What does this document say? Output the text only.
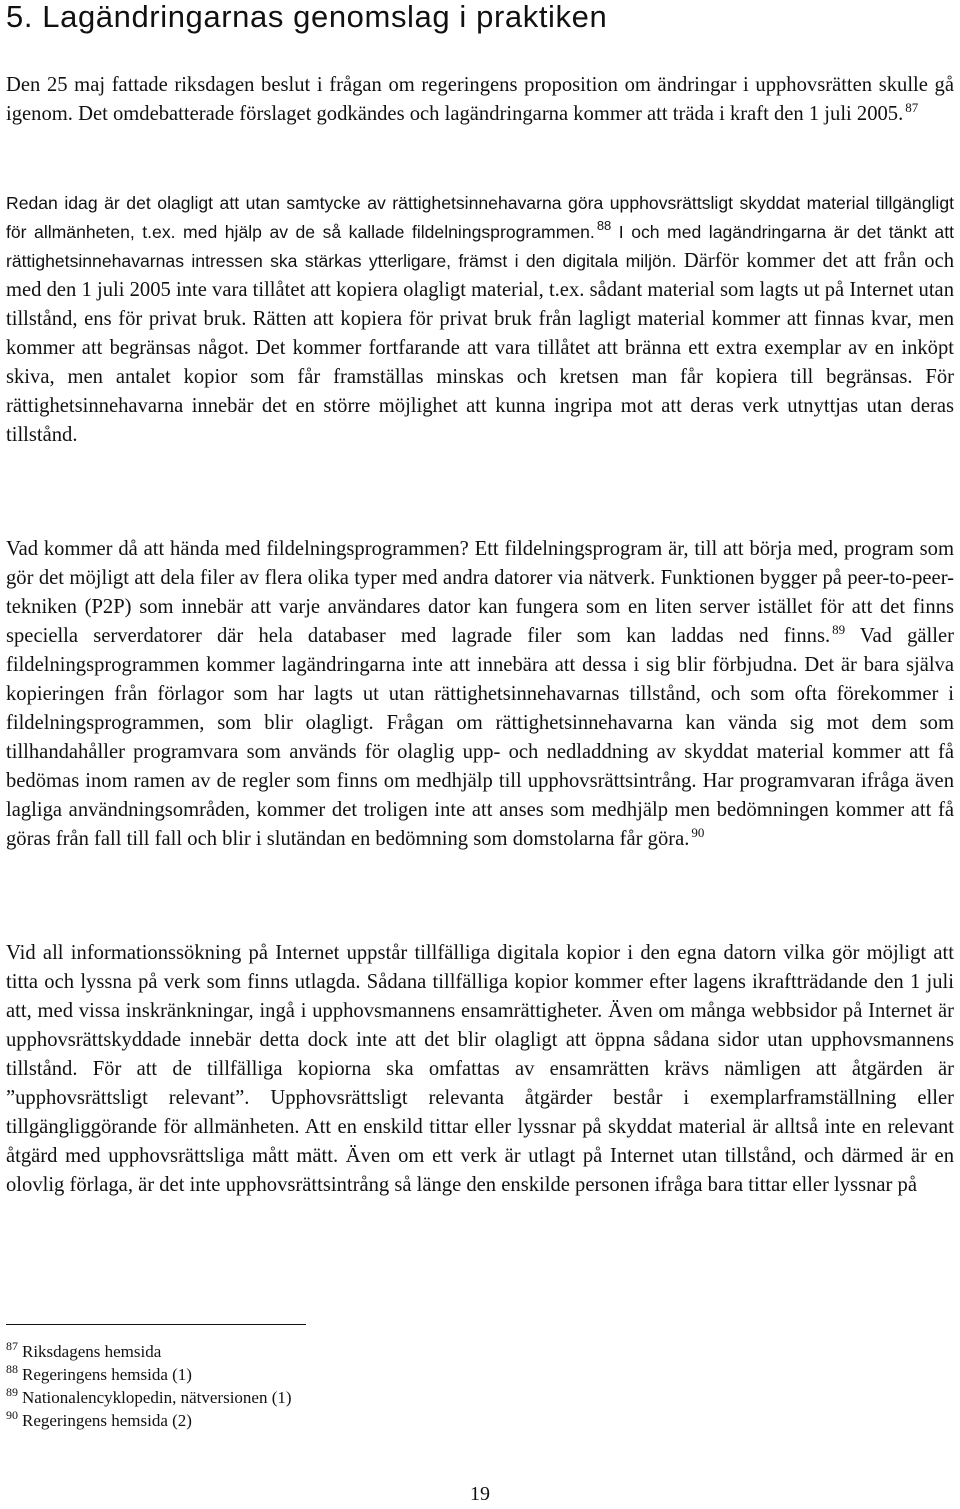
5. Lagändringarnas genomslag i praktiken

Den 25 maj fattade riksdagen beslut i frågan om regeringens proposition om ändringar i upphovsrätten skulle gå igenom. Det omdebatterade förslaget godkändes och lagändringarna kommer att träda i kraft den 1 juli 2005. $^{87}$

Redan idag är det olagligt att utan samtycke av rättighetsinnehavarna göra upphovsrättsligt skyddat material tillgängligt för allmänheten, t.ex. med hjälp av de så kallade fildelningsprogrammen. $^{88}$ I och med lagändringarna är det tänkt att rättighetsinnehavarnas intressen ska stärkas ytterligare, främst i den digitala miljön. Därför kommer det att från och med den 1 juli 2005 inte vara tillåtet att kopiera olagligt material, t.ex. sådant material som lagts ut på Internet utan tillstånd, ens för privat bruk. Rätten att kopiera för privat bruk från lagligt material kommer att finnas kvar, men kommer att begränsas något. Det kommer fortfarande att vara tillåtet att bränna ett extra exemplar av en inköpt skiva, men antalet kopior som får framställas minskas och kretsen man får kopiera till begränsas. För rättighetsinnehavarna innebär det en större möjlighet att kunna ingripa mot att deras verk utnyttjas utan deras tillstånd.

Vad kommer då att hända med fildelningsprogrammen? Ett fildelningsprogram är, till att börja med, program som gör det möjligt att dela filer av flera olika typer med andra datorer via nätverk. Funktionen bygger på peer-to-peer-tekniken (P2P) som innebär att varje användares dator kan fungera som en liten server istället för att det finns speciella serverdatorer där hela databaser med lagrade filer som kan laddas ned finns. $^{89}$ Vad gäller fildelningsprogrammen kommer lagändringarna inte att innebära att dessa i sig blir förbjudna. Det är bara själva kopieringen från förlagor som har lagts ut utan rättighetsinnehavarnas tillstånd, och som ofta förekommer i fildelningsprogrammen, som blir olagligt. Frågan om rättighetsinnehavarna kan vända sig mot dem som tillhandahåller programvara som används för olaglig upp- och nedladdning av skyddat material kommer att få bedömas inom ramen av de regler som finns om medhjälp till upphovsrättsintrång. Har programvaran ifråga även lagliga användningsområden, kommer det troligen inte att anses som medhjälp men bedömningen kommer att få göras från fall till fall och blir i slutändan en bedömning som domstolarna får göra. $^{90}$

Vid all informationssökning på Internet uppstår tillfälliga digitala kopior i den egna datorn vilka gör möjligt att titta och lyssna på verk som finns utlagda. Sådana tillfälliga kopior kommer efter lagens ikraftträdande den 1 juli att, med vissa inskränkningar, ingå i upphovsmannens ensamrättigheter. Även om många webbsidor på Internet är upphovsrättskyddade innebär detta dock inte att det blir olagligt att öppna sådana sidor utan upphovsmannens tillstånd. För att de tillfälliga kopiorna ska omfattas av ensamrätten krävs nämligen att åtgärden är ”upphovsrättsligt relevant”. Upphovsrättsligt relevanta åtgärder består i exemplarframställning eller tillgängliggörande för allmänheten. Att en enskild tittar eller lyssnar på skyddat material är alltså inte en relevant åtgärd med upphovsrättsliga mått mätt. Även om ett verk är utlagt på Internet utan tillstånd, och därmed är en olovlig förlaga, är det inte upphovsrättsintrång så länge den enskilde personen ifråga bara tittar eller lyssnar på

$^{87}$ Riksdagens hemsida
$^{88}$ Regeringens hemsida (1)
$^{89}$ Nationalencyklopedin, nätversionen (1)
$^{90}$ Regeringens hemsida (2)
19
